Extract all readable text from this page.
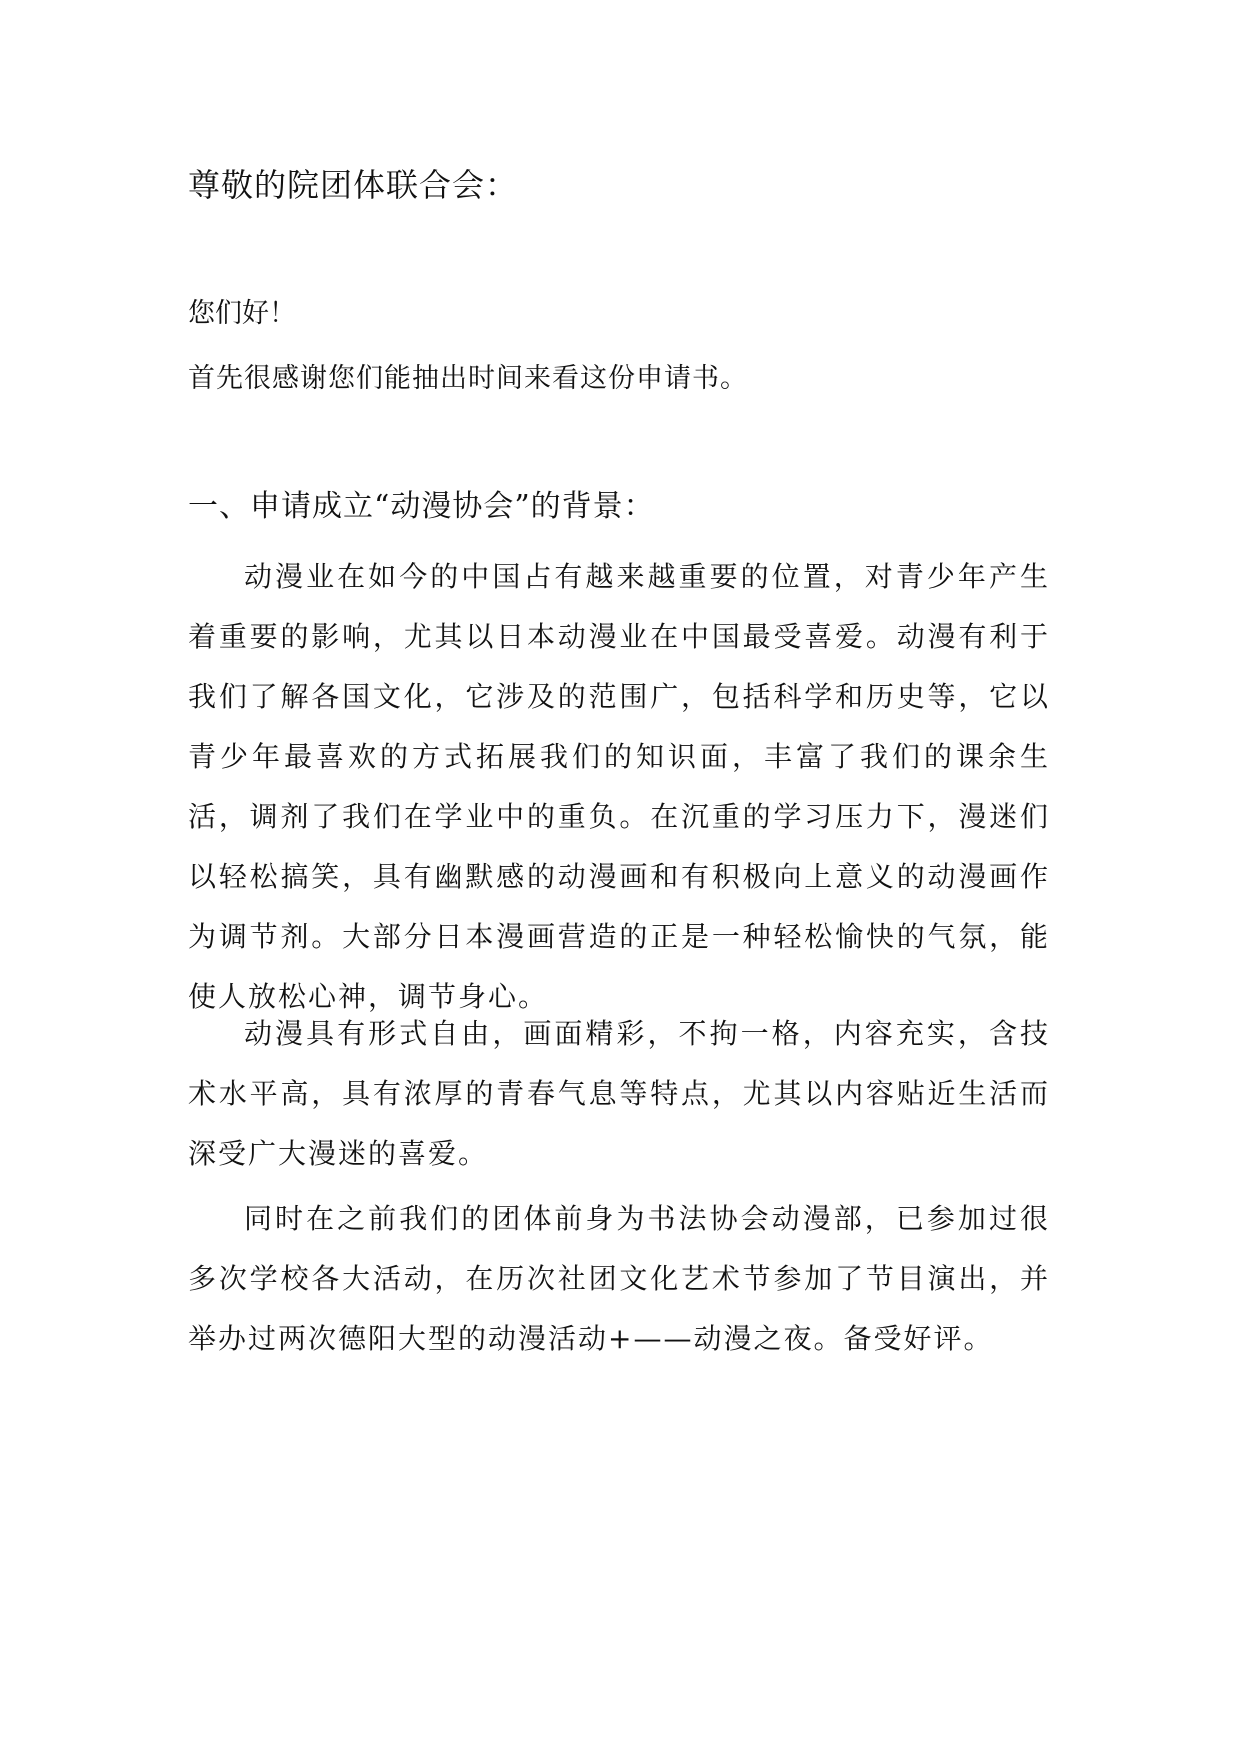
尊敬的院团体联合会：
您们好！
首先很感谢您们能抽出时间来看这份申请书。
一、申请成立“动漫协会”的背景：

动漫业在如今的中国占有越来越重要的位置，对青少年产生着重要的影响，尤其以日本动漫业在中国最受喜爱。动漫有利于我们了解各国文化，它涉及的范围广，包括科学和历史等，它以青少年最喜欢的方式拓展我们的知识面，丰富了我们的课余生活，调剂了我们在学业中的重负。在沉重的学习压力下，漫迷们以轻松搞笑，具有幽默感的动漫画和有积极向上意义的动漫画作为调节剂。大部分日本漫画营造的正是一种轻松愉快的气氛，能使人放松心神，调节身心。

动漫具有形式自由，画面精彩，不拘一格，内容充实，含技术水平高，具有浓厚的青春气息等特点，尤其以内容贴近生活而深受广大漫迷的喜爱。

同时在之前我们的团体前身为书法协会动漫部，已参加过很多次学校各大活动，在历次社团文化艺术节参加了节目演出，并举办过两次德阳大型的动漫活动+——动漫之夜。备受好评。
